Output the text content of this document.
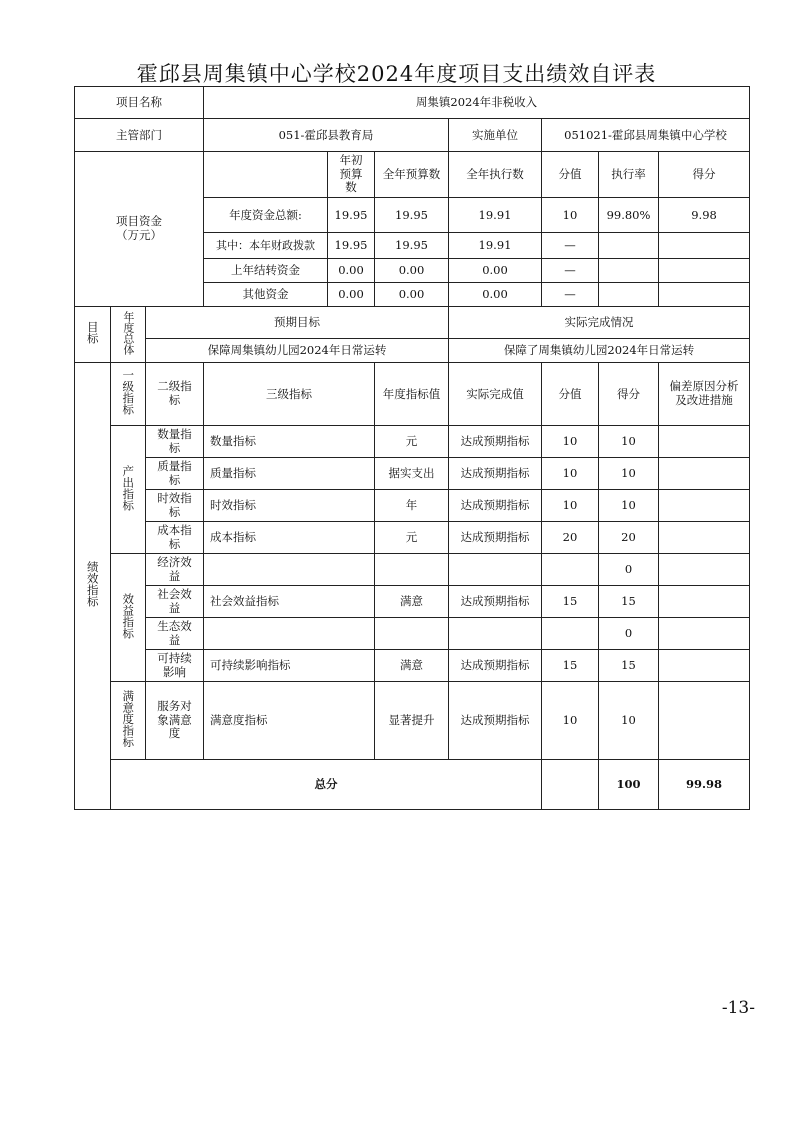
霍邱县周集镇中心学校2024年度项目支出绩效自评表
项目名称			周集镇2024年非税收入							
主管部门			051-霍邱县教育局			实施单位	051021-霍邱县周集镇中心学校			
项目资金
（万元）				年初
预算
数	全年预算数	全年执行数	分值	执行率	得分	
			年度资金总额:	19.95	19.95	19.91	10	99.80%	9.98	
			其中：本年财政拨款	19.95	19.95	19.91	—			
			上年结转资金	0.00	0.00	0.00	—			
			其他资金	0.00	0.00	0.00	—			
目标	年度总体	预期目标				实际完成情况				
		保障周集镇幼儿园2024年日常运转				保障了周集镇幼儿园2024年日常运转				
绩效指标	一级指标	二级指
标	三级指标		年度指标值	实际完成值	分值	得分	偏差原因分析
及改进措施	
	产出指标	数量指
标	数量指标		元	达成预期指标	10	10		
		质量指
标	质量指标		据实支出	达成预期指标	10	10		
		时效指
标	时效指标		年	达成预期指标	10	10		
		成本指
标	成本指标		元	达成预期指标	20	20		
	效益指标	经济效
益						0		
		社会效
益	社会效益指标		满意	达成预期指标	15	15		
		生态效
益						0		
		可持续
影响	可持续影响指标		满意	达成预期指标	15	15		
	满意度指标	服务对
象满意
度	满意度指标		显著提升	达成预期指标	10	10		
	总分							100	99.98	
-13-
